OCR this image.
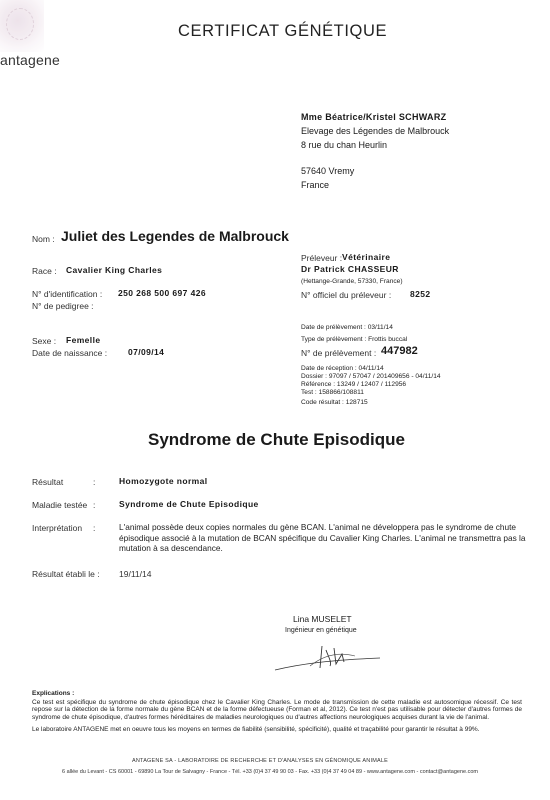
antagene
CERTIFICAT GÉNÉTIQUE
Mme Béatrice/Kristel SCHWARZ
Elevage des Légendes de Malbrouck
8 rue du chan Heurlin
57640 Vremy
France
Nom : Juliet des Legendes de Malbrouck
Race : Cavalier King Charles
N° d'identification : 250 268 500 697 426
N° de pedigree :
Sexe : Femelle
Date de naissance : 07/09/14
Préleveur : Vétérinaire
Dr Patrick CHASSEUR
(Hettange-Grande, 57330, France)
N° officiel du préleveur : 8252
Date de prélèvement : 03/11/14
Type de prélèvement : Frottis buccal
N° de prélèvement : 447982
Date de réception : 04/11/14
Dossier : 97097 / 57047 / 201409656 - 04/11/14
Référence : 13249 / 12407 / 112956
Test : 158866/108811
Code résultat : 128715
Syndrome de Chute Episodique
Résultat	:	Homozygote normal
Maladie testée :	Syndrome de Chute Episodique
Interprétation :	L'animal possède deux copies normales du gène BCAN. L'animal ne développera pas le syndrome de chute épisodique associé à la mutation de BCAN spécifique du Cavalier King Charles. L'animal ne transmettra pas la mutation à sa descendance.
Résultat établi le : 19/11/14
Lina MUSELET
Ingénieur en génétique
Explications :
Ce test est spécifique du syndrome de chute épisodique chez le Cavalier King Charles. Le mode de transmission de cette maladie est autosomique récessif. Ce test repose sur la détection de la forme normale du gène BCAN et de la forme défectueuse (Forman et al, 2012). Ce test n'est pas utilisable pour détecter d'autres formes de syndrome de chute épisodique, d'autres formes héréditaires de maladies neurologiques ou d'autres affections neurologiques acquises durant la vie de l'animal.
Le laboratoire ANTAGENE met en oeuvre tous les moyens en termes de fiabilité (sensibilité, spécificité), qualité et traçabilité pour garantir le résultat à 99%.
ANTAGENE SA - LABORATOIRE DE RECHERCHE ET D'ANALYSES EN GÉNOMIQUE ANIMALE
6 allée du Levant - CS 60001 - 69890 La Tour de Salvagny - France - Tél. +33 (0)4 37 49 90 03 - Fax. +33 (0)4 37 49 04 89 - www.antagene.com - contact@antagene.com
